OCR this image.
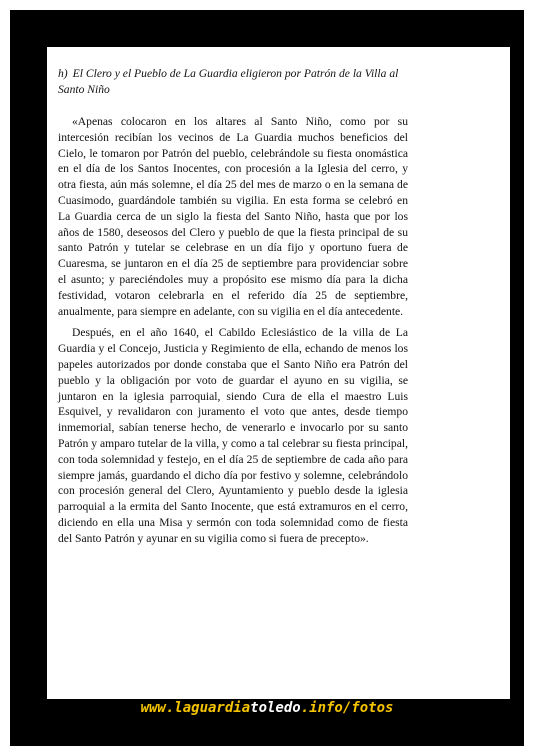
h) El Clero y el Pueblo de La Guardia eligieron por Patrón de la Villa al Santo Niño

«Apenas colocaron en los altares al Santo Niño, como por su intercesión recibían los vecinos de La Guardia muchos beneficios del Cielo, le tomaron por Patrón del pueblo, celebrándole su fiesta onomástica en el día de los Santos Inocentes, con procesión a la Iglesia del cerro, y otra fiesta, aún más solemne, el día 25 del mes de marzo o en la semana de Cuasimodo, guardándole también su vigilia. En esta forma se celebró en La Guardia cerca de un siglo la fiesta del Santo Niño, hasta que por los años de 1580, deseosos del Clero y pueblo de que la fiesta principal de su santo Patrón y tutelar se celebrase en un día fijo y oportuno fuera de Cuaresma, se juntaron en el día 25 de septiembre para providenciar sobre el asunto; y pareciéndoles muy a propósito ese mismo día para la dicha festividad, votaron celebrarla en el referido día 25 de septiembre, anualmente, para siempre en adelante, con su vigilia en el día antecedente.

Después, en el año 1640, el Cabildo Eclesiástico de la villa de La Guardia y el Concejo, Justicia y Regimiento de ella, echando de menos los papeles autorizados por donde constaba que el Santo Niño era Patrón del pueblo y la obligación por voto de guardar el ayuno en su vigilia, se juntaron en la iglesia parroquial, siendo Cura de ella el maestro Luis Esquivel, y revalidaron con juramento el voto que antes, desde tiempo inmemorial, sabían tenerse hecho, de venerarlo e invocarlo por su santo Patrón y amparo tutelar de la villa, y como a tal celebrar su fiesta principal, con toda solemnidad y festejo, en el día 25 de septiembre de cada año para siempre jamás, guardando el dicho día por festivo y solemne, celebrándolo con procesión general del Clero, Ayuntamiento y pueblo desde la iglesia parroquial a la ermita del Santo Inocente, que está extramuros en el cerro, diciendo en ella una Misa y sermón con toda solemnidad como de fiesta del Santo Patrón y ayunar en su vigilia como si fuera de precepto».

www.laguardiatoledo.info/fotos
